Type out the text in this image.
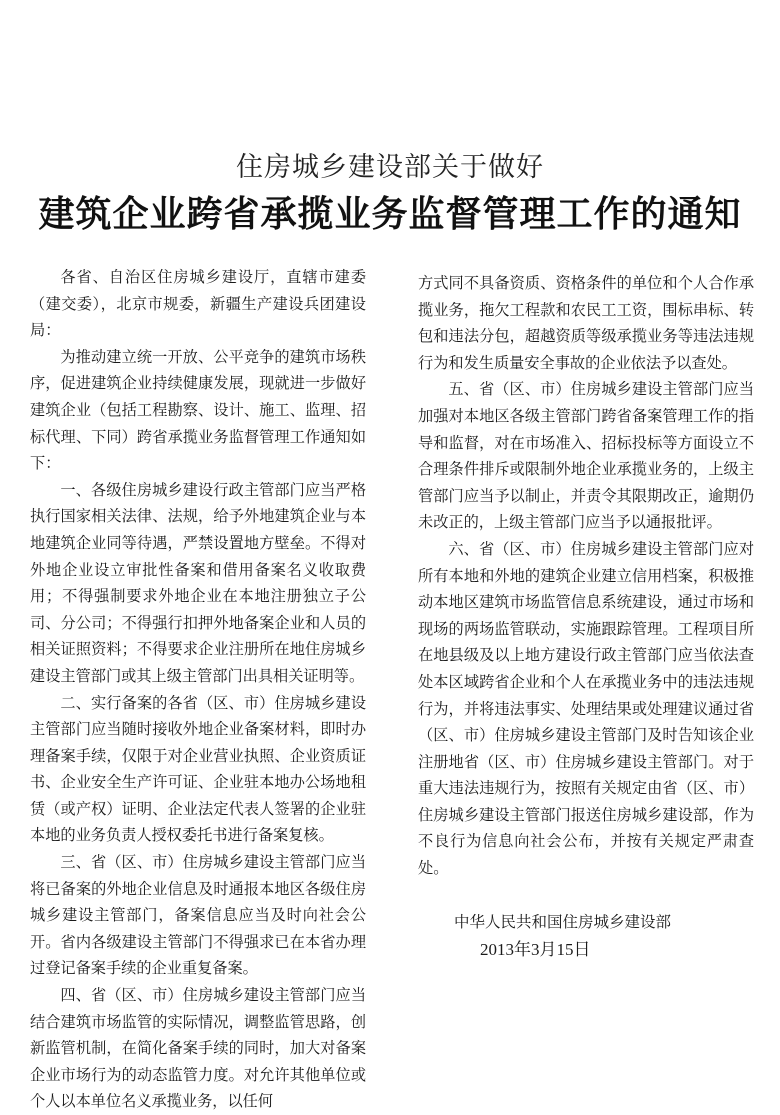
住房城乡建设部关于做好
建筑企业跨省承揽业务监督管理工作的通知

各省、自治区住房城乡建设厅，直辖市建委（建交委），北京市规委，新疆生产建设兵团建设局：

为推动建立统一开放、公平竞争的建筑市场秩序，促进建筑企业持续健康发展，现就进一步做好建筑企业（包括工程勘察、设计、施工、监理、招标代理、下同）跨省承揽业务监督管理工作通知如下：

一、各级住房城乡建设行政主管部门应当严格执行国家相关法律、法规，给予外地建筑企业与本地建筑企业同等待遇，严禁设置地方壁垒。不得对外地企业设立审批性备案和借用备案名义收取费用；不得强制要求外地企业在本地注册独立子公司、分公司；不得强行扣押外地备案企业和人员的相关证照资料；不得要求企业注册所在地住房城乡建设主管部门或其上级主管部门出具相关证明等。

二、实行备案的各省（区、市）住房城乡建设主管部门应当随时接收外地企业备案材料，即时办理备案手续，仅限于对企业营业执照、企业资质证书、企业安全生产许可证、企业驻本地办公场地租赁（或产权）证明、企业法定代表人签署的企业驻本地的业务负责人授权委托书进行备案复核。

三、省（区、市）住房城乡建设主管部门应当将已备案的外地企业信息及时通报本地区各级住房城乡建设主管部门，备案信息应当及时向社会公开。省内各级建设主管部门不得强求已在本省办理过登记备案手续的企业重复备案。

四、省（区、市）住房城乡建设主管部门应当结合建筑市场监管的实际情况，调整监管思路，创新监管机制，在简化备案手续的同时，加大对备案企业市场行为的动态监管力度。对允许其他单位或个人以本单位名义承揽业务，以任何

方式同不具备资质、资格条件的单位和个人合作承揽业务，拖欠工程款和农民工工资，围标串标、转包和违法分包，超越资质等级承揽业务等违法违规行为和发生质量安全事故的企业依法予以查处。

五、省（区、市）住房城乡建设主管部门应当加强对本地区各级主管部门跨省备案管理工作的指导和监督，对在市场准入、招标投标等方面设立不合理条件排斥或限制外地企业承揽业务的，上级主管部门应当予以制止，并责令其限期改正，逾期仍未改正的，上级主管部门应当予以通报批评。

六、省（区、市）住房城乡建设主管部门应对所有本地和外地的建筑企业建立信用档案，积极推动本地区建筑市场监管信息系统建设，通过市场和现场的两场监管联动，实施跟踪管理。工程项目所在地县级及以上地方建设行政主管部门应当依法查处本区域跨省企业和个人在承揽业务中的违法违规行为，并将违法事实、处理结果或处理建议通过省（区、市）住房城乡建设主管部门及时告知该企业注册地省（区、市）住房城乡建设主管部门。对于重大违法违规行为，按照有关规定由省（区、市）住房城乡建设主管部门报送住房城乡建设部，作为不良行为信息向社会公布，并按有关规定严肃查处。

中华人民共和国住房城乡建设部
2013年3月15日
